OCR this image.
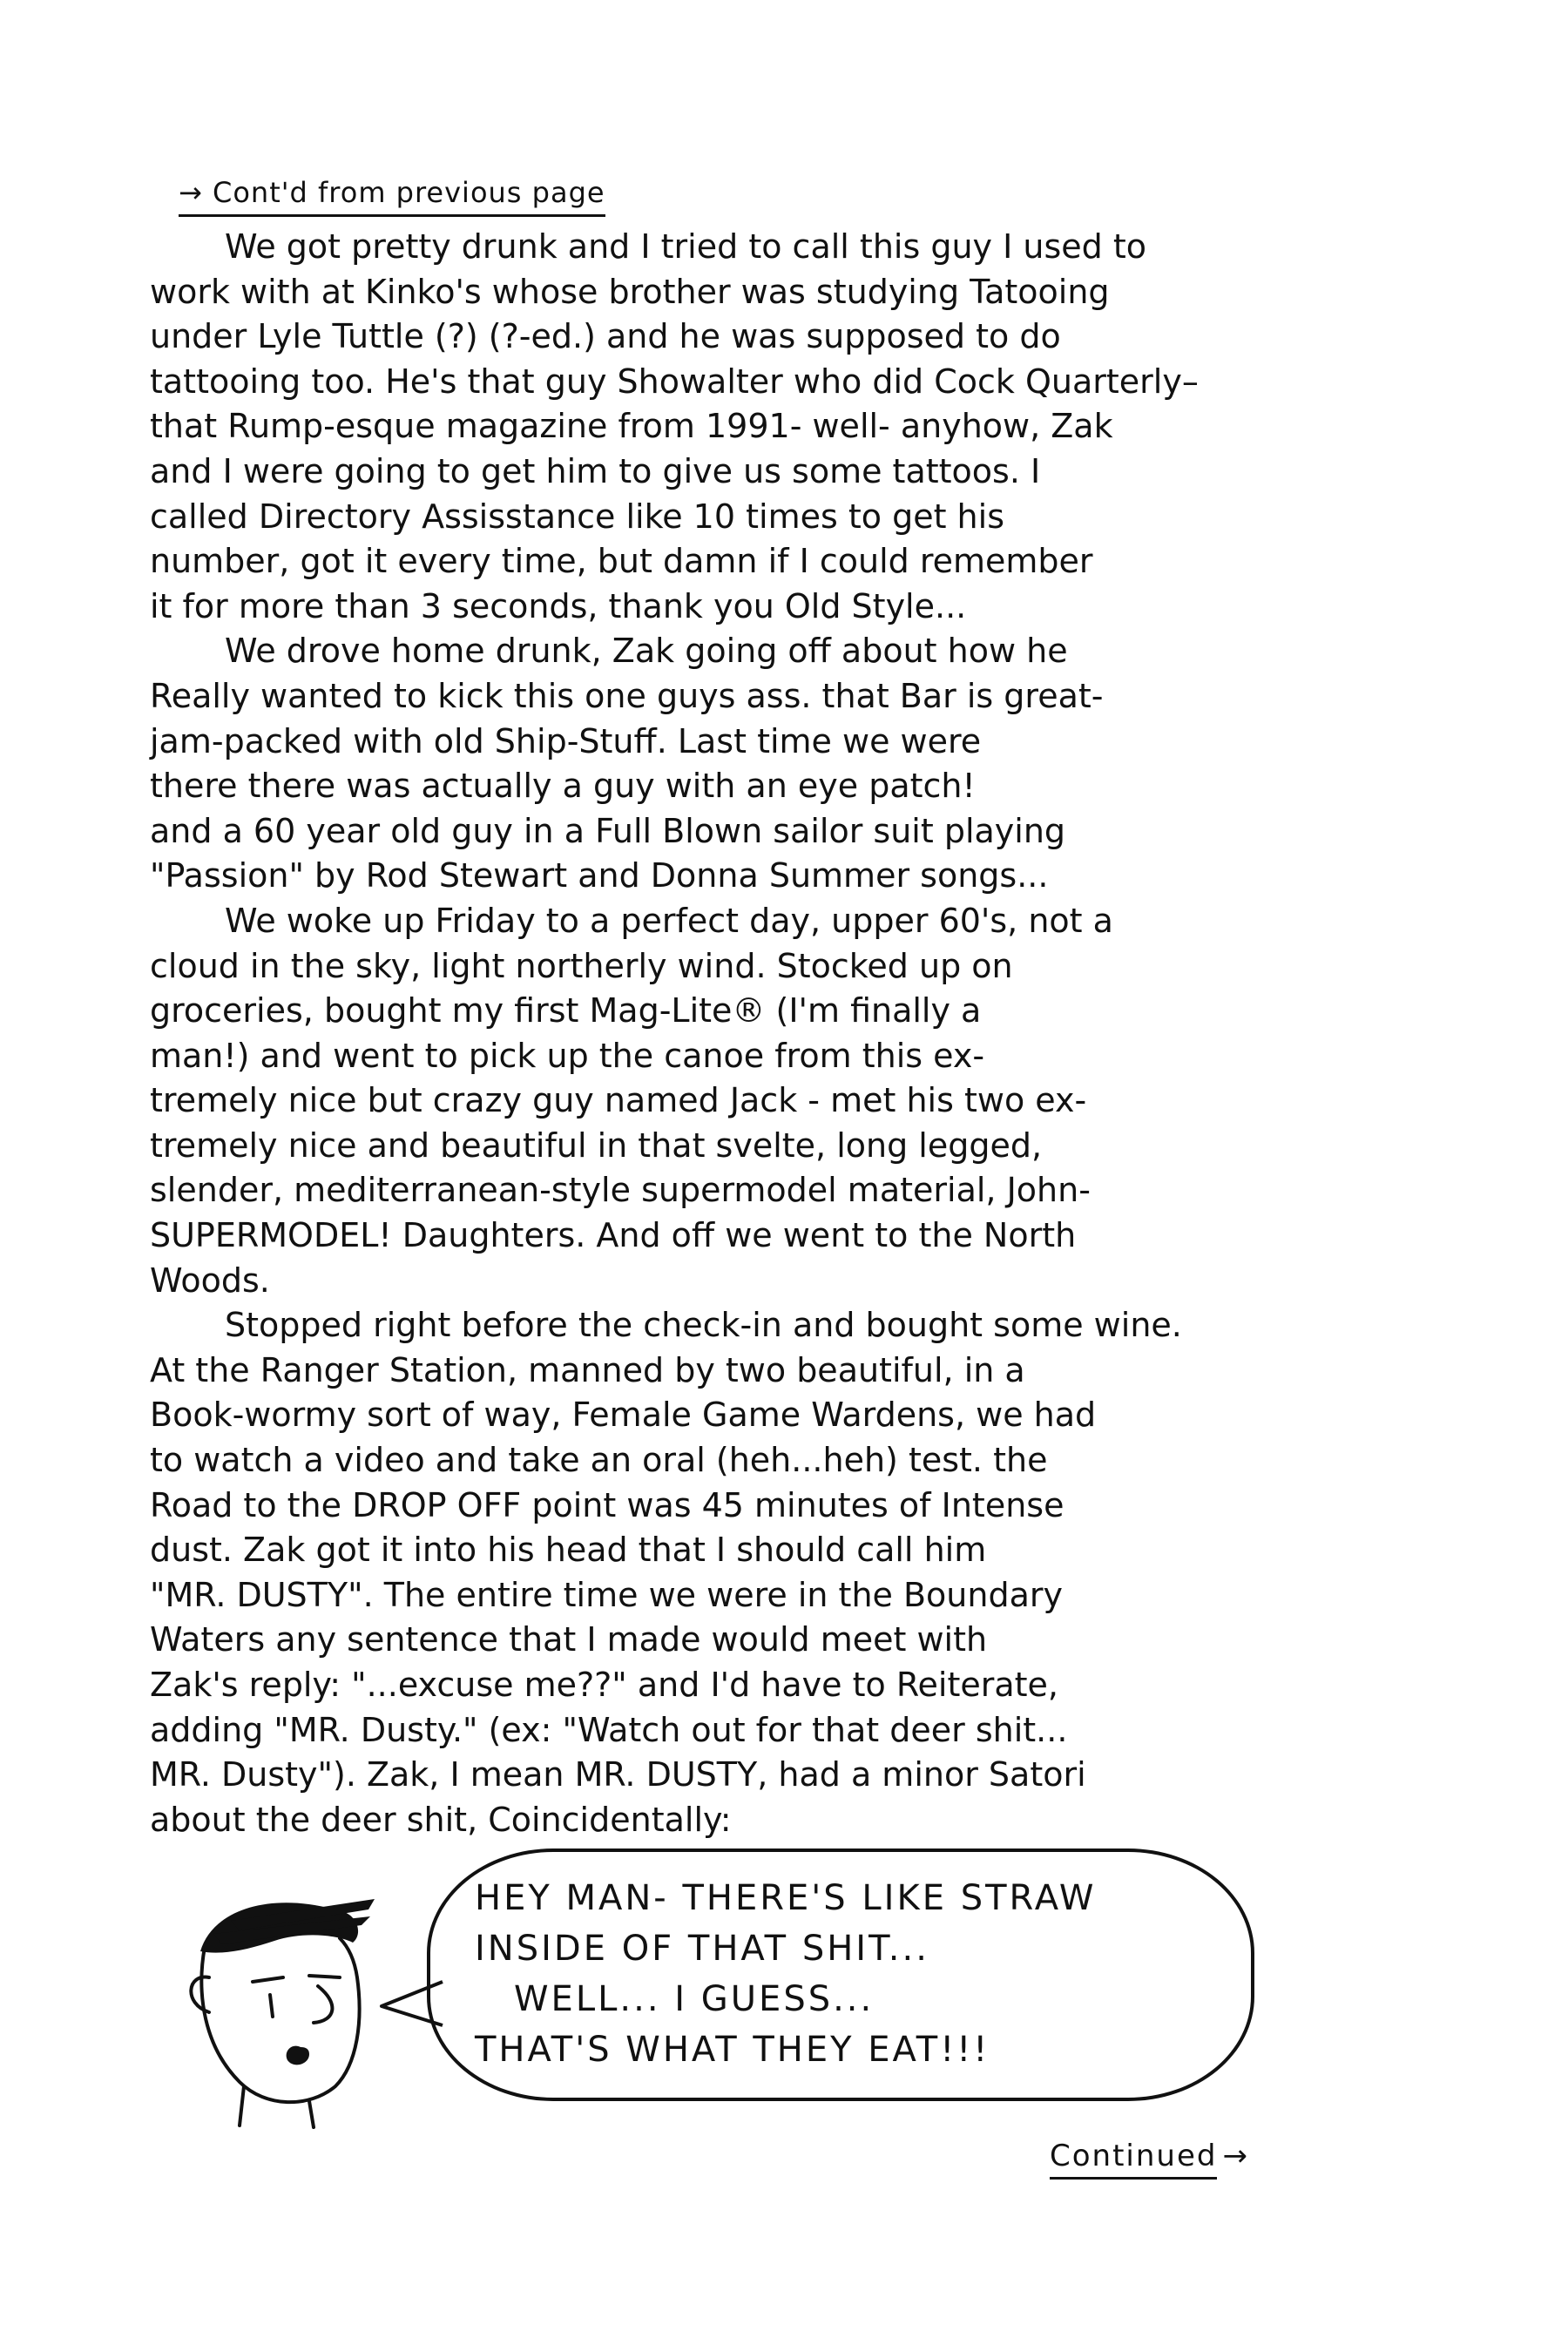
→ Cont'd from previous page
We got pretty drunk and I tried to call this guy I used to
work with at Kinko's whose brother was studying Tatooing
under Lyle Tuttle (?) (?-ed.) and he was supposed to do
tattooing too. He's that guy Showalter who did Cock Quarterly–
that Rump-esque magazine from 1991- well- anyhow, Zak
and I were going to get him to give us some tattoos. I
called Directory Assisstance like 10 times to get his
number, got it every time, but damn if I could remember
it for more than 3 seconds, thank you Old Style...
We drove home drunk, Zak going off about how he
Really wanted to kick this one guys ass. that Bar is great-
jam-packed with old Ship-Stuff. Last time we were
there there was actually a guy with an eye patch!
and a 60 year old guy in a Full Blown sailor suit playing
"Passion" by Rod Stewart and Donna Summer songs...
We woke up Friday to a perfect day, upper 60's, not a
cloud in the sky, light northerly wind. Stocked up on
groceries, bought my first Mag-Lite® (I'm finally a
man!) and went to pick up the canoe from this ex-
tremely nice but crazy guy named Jack - met his two ex-
tremely nice and beautiful in that svelte, long legged,
slender, mediterranean-style supermodel material, John-
SUPERMODEL! Daughters. And off we went to the North
Woods.
Stopped right before the check-in and bought some wine.
At the Ranger Station, manned by two beautiful, in a
Book-wormy sort of way, Female Game Wardens, we had
to watch a video and take an oral (heh...heh) test. the
Road to the DROP OFF point was 45 minutes of Intense
dust. Zak got it into his head that I should call him
"MR. DUSTY". The entire time we were in the Boundary
Waters any sentence that I made would meet with
Zak's reply: "...excuse me??" and I'd have to Reiterate,
adding "MR. Dusty." (ex: "Watch out for that deer shit...
MR. Dusty"). Zak, I mean MR. DUSTY, had a minor Satori
about the deer shit, Coincidentally:
HEY MAN- THERE'S LIKE STRAW
INSIDE OF THAT SHIT...
WELL... I GUESS...
THAT'S WHAT THEY EAT!!!
Continued →
